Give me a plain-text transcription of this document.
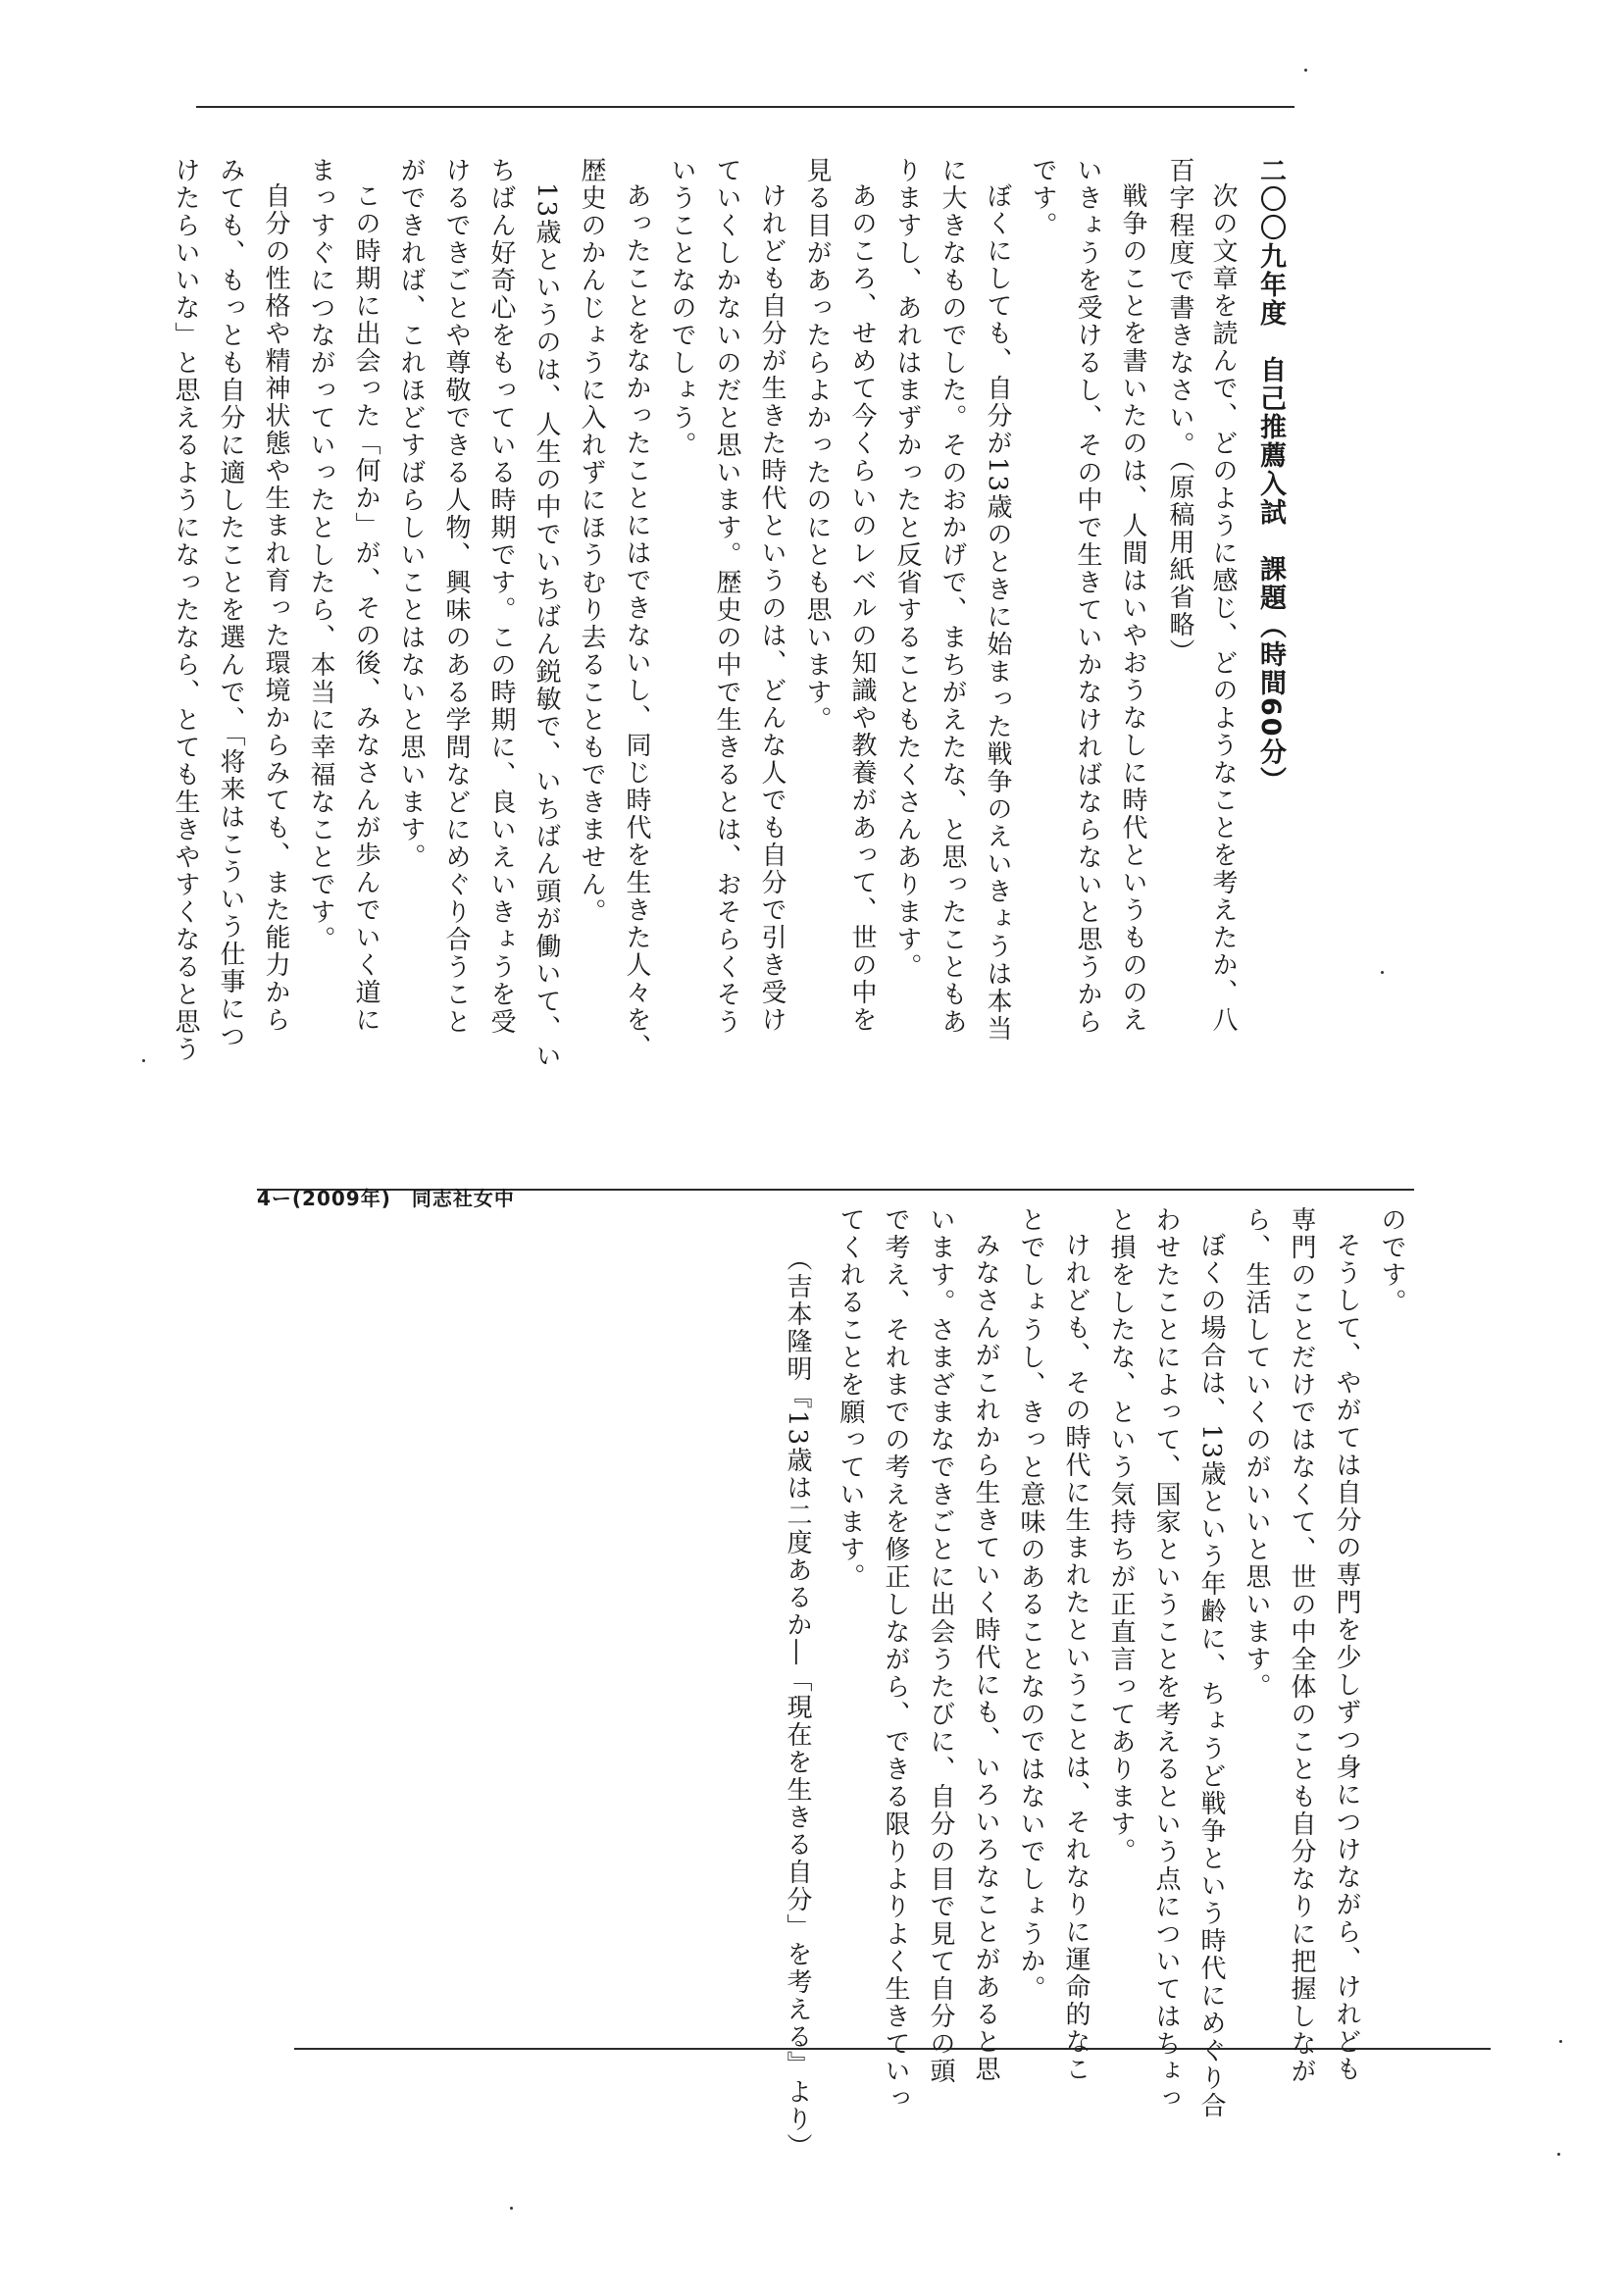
二〇〇九年度　自己推薦入試　課題（時間60分）
次の文章を読んで、どのように感じ、どのようなことを考えたか、八
百字程度で書きなさい。（原稿用紙省略）
戦争のことを書いたのは、人間はいやおうなしに時代というもののえ
いきょうを受けるし、その中で生きていかなければならないと思うから
です。
ぼくにしても、自分が13歳のときに始まった戦争のえいきょうは本当
に大きなものでした。そのおかげで、まちがえたな、と思ったこともあ
りますし、あれはまずかったと反省することもたくさんあります。
あのころ、せめて今くらいのレベルの知識や教養があって、世の中を
見る目があったらよかったのにとも思います。
けれども自分が生きた時代というのは、どんな人でも自分で引き受け
ていくしかないのだと思います。歴史の中で生きるとは、おそらくそう
いうことなのでしょう。
あったことをなかったことにはできないし、同じ時代を生きた人々を、
歴史のかんじょうに入れずにほうむり去ることもできません。
13歳というのは、人生の中でいちばん鋭敏で、いちばん頭が働いて、い
ちばん好奇心をもっている時期です。この時期に、良いえいきょうを受
けるできごとや尊敬できる人物、興味のある学問などにめぐり合うこと
ができれば、これほどすばらしいことはないと思います。
この時期に出会った「何か」が、その後、みなさんが歩んでいく道に
まっすぐにつながっていったとしたら、本当に幸福なことです。
自分の性格や精神状態や生まれ育った環境からみても、また能力から
みても、もっとも自分に適したことを選んで、「将来はこういう仕事につ
けたらいいな」と思えるようになったなら、とても生きやすくなると思う
のです。
そうして、やがては自分の専門を少しずつ身につけながら、けれども
専門のことだけではなくて、世の中全体のことも自分なりに把握しなが
ら、生活していくのがいいと思います。
ぼくの場合は、13歳という年齢に、ちょうど戦争という時代にめぐり合
わせたことによって、国家ということを考えるという点についてはちょっ
と損をしたな、という気持ちが正直言ってあります。
けれども、その時代に生まれたということは、それなりに運命的なこ
とでしょうし、きっと意味のあることなのではないでしょうか。
みなさんがこれから生きていく時代にも、いろいろなことがあると思
います。さまざまなできごとに出会うたびに、自分の目で見て自分の頭
で考え、それまでの考えを修正しながら、できる限りよりよく生きていっ
てくれることを願っています。
（吉本隆明『13歳は二度あるか―「現在を生きる自分」を考える』より）
4ー(2009年)　同志社女中
